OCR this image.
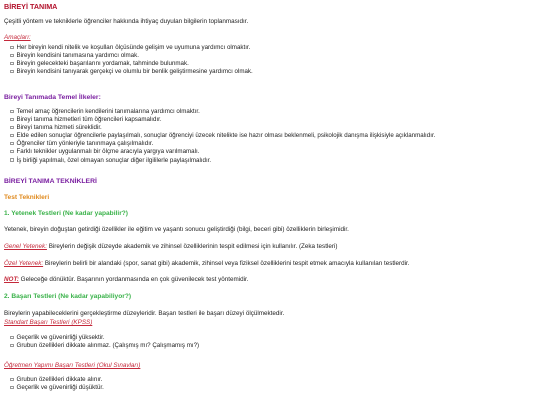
BİREYİ TANIMA
Çeşitli yöntem ve tekniklerle öğrenciler hakkında ihtiyaç duyulan bilgilerin toplanmasıdır.
Amaçları:
Her bireyin kendi nitelik ve koşulları ölçüsünde gelişim ve uyumuna yardımcı olmaktır.
Bireyin kendisini tanımasına yardımcı olmak.
Bireyin gelecekteki başarılarını yordamak, tahminde bulunmak.
Bireyin kendisini tanıyarak gerçekçi ve olumlu bir benlik geliştirmesine yardımcı olmak.
Bireyi Tanımada Temel İlkeler:
Temel amaç öğrencilerin kendilerini tanımalarına yardımcı olmaktır.
Bireyi tanıma hizmetleri tüm öğrencileri kapsamalıdır.
Bireyi tanıma hizmeti süreklidir.
Elde edilen sonuçlar öğrencilerle paylaşılmalı, sonuçlar öğrenciyi üzecek nitelikte ise hazır olması beklenmeli, psikolojik danışma ilişkisiyle açıklanmalıdır.
Öğrenciler tüm yönleriyle tanınmaya çalışılmalıdır.
Farklı teknikler uygulanmalı bir ölçme aracıyla yargıya varılmamalı.
İş birliği yapılmalı, özel olmayan sonuçlar diğer ilgililerle paylaşılmalıdır.
BİREYİ TANIMA TEKNİKLERİ
Test Teknikleri
1. Yetenek Testleri (Ne kadar yapabilir?)
Yetenek, bireyin doğuştan getirdiği özellikler ile eğitim ve yaşantı sonucu geliştirdiği (bilgi, beceri gibi) özelliklerin birleşimidir.
Genel Yetenek: Bireylerin değişik düzeyde akademik ve zihinsel özelliklerinin tespit edilmesi için kullanılır. (Zeka testleri)
Özel Yetenek: Bireylerin belirli bir alandaki (spor, sanat gibi) akademik, zihinsel veya fiziksel özelliklerini tespit etmek amacıyla kullanılan testlerdir.
NOT: Geleceğe dönüktür. Başarının yordanmasında en çok güvenilecek test yöntemidir.
2. Başarı Testleri (Ne kadar yapabiliyor?)
Bireylerin yapabileceklerini gerçekleştirme düzeyleridir. Başarı testleri ile başarı düzeyi ölçülmektedir.
Standart Başarı Testleri (KPSS)
Geçerlik ve güvenirliği yüksektir.
Grubun özellikleri dikkate alınmaz. (Çalışmış mı? Çalışmamış mı?)
Öğretmen Yapımı Başarı Testleri (Okul Sınavları)
Grubun özellikleri dikkate alınır.
Geçerlik ve güvenirliği düşüktür.
